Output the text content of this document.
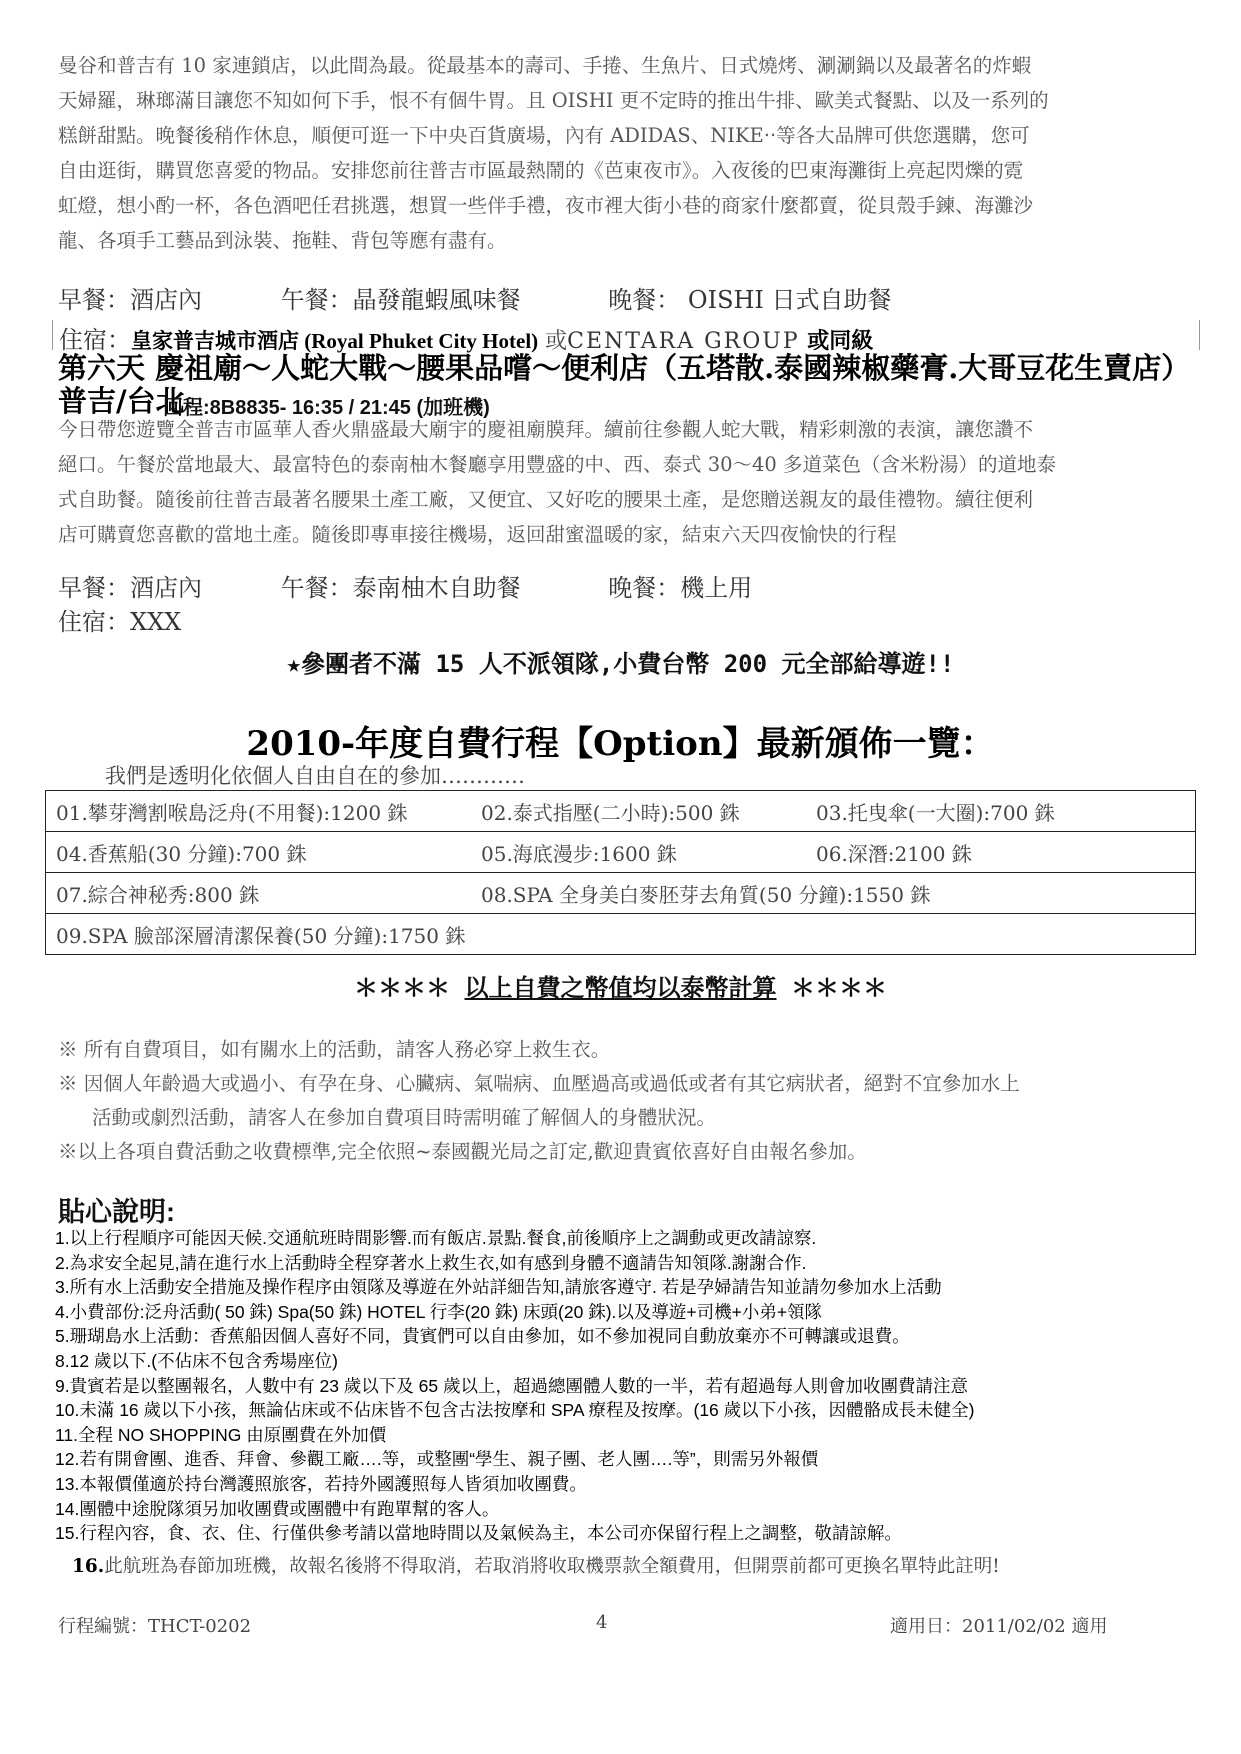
曼谷和普吉有 10 家連鎖店，以此間為最。從最基本的壽司、手捲、生魚片、日式燒烤、涮涮鍋以及最著名的炸蝦

天婦羅，琳瑯滿目讓您不知如何下手，恨不有個牛胃。且 OISHI 更不定時的推出牛排、歐美式餐點、以及一系列的

糕餅甜點。晚餐後稍作休息，順便可逛一下中央百貨廣場，內有 ADIDAS、NIKE‧‧等各大品牌可供您選購，您可

自由逛街，購買您喜愛的物品。安排您前往普吉市區最熱鬧的《芭東夜市》。入夜後的巴東海灘街上亮起閃爍的霓

虹燈，想小酌一杯，各色酒吧任君挑選，想買一些伴手禮，夜市裡大街小巷的商家什麼都賣，從貝殼手鍊、海灘沙

龍、各項手工藝品到泳裝、拖鞋、背包等應有盡有。

早餐：酒店內	午餐：晶發龍蝦風味餐	晚餐： OISHI 日式自助餐
住宿：皇家普吉城市酒店 (Royal Phuket City Hotel) 或CENTARA GROUP 或同級
第六天 慶祖廟～人蛇大戰～腰果品嚐～便利店（五塔散.泰國辣椒藥膏.大哥豆花生賣店）普吉/台北
回程:8B8835- 16:35 / 21:45 (加班機)

今日帶您遊覽全普吉市區華人香火鼎盛最大廟宇的慶祖廟膜拜。續前往參觀人蛇大戰，精彩刺激的表演，讓您讚不

絕口。午餐於當地最大、最富特色的泰南柚木餐廳享用豐盛的中、西、泰式 30～40 多道菜色（含米粉湯）的道地泰

式自助餐。隨後前往普吉最著名腰果土產工廠，又便宜、又好吃的腰果土產，是您贈送親友的最佳禮物。續往便利

店可購賣您喜歡的當地土產。隨後即專車接往機場，返回甜蜜溫暖的家，結束六天四夜愉快的行程

早餐：酒店內	午餐：泰南柚木自助餐	晚餐：機上用
住宿：XXX
★參團者不滿 15 人不派領隊,小費台幣 200 元全部給導遊!!
2010-年度自費行程【Option】最新頒佈一覽：
我們是透明化依個人自由自在的參加…………
01.攀芽灣割喉島泛舟(不用餐):1200 銖	02.泰式指壓(二小時):500 銖	03.托曳傘(一大圈):700 銖
04.香蕉船(30 分鐘):700 銖	05.海底漫步:1600 銖	06.深潛:2100 銖
07.綜合神秘秀:800 銖	08.SPA 全身美白麥胚芽去角質(50 分鐘):1550 銖
09.SPA 臉部深層清潔保養(50 分鐘):1750 銖
＊＊＊＊ 以上自費之幣值均以泰幣計算 ＊＊＊＊

※ 所有自費項目，如有關水上的活動，請客人務必穿上救生衣。

※ 因個人年齡過大或過小、有孕在身、心臟病、氣喘病、血壓過高或過低或者有其它病狀者，絕對不宜參加水上

活動或劇烈活動，請客人在參加自費項目時需明確了解個人的身體狀況。

※以上各項自費活動之收費標準,完全依照~泰國觀光局之訂定,歡迎貴賓依喜好自由報名參加。

貼心說明:

1.以上行程順序可能因天候.交通航班時間影響.而有飯店.景點.餐食,前後順序上之調動或更改請諒察.

2.為求安全起見,請在進行水上活動時全程穿著水上救生衣,如有感到身體不適請告知領隊.謝謝合作.

3.所有水上活動安全措施及操作程序由領隊及導遊在外站詳細告知,請旅客遵守. 若是孕婦請告知並請勿參加水上活動

4.小費部份:泛舟活動( 50 銖) Spa(50 銖) HOTEL 行李(20 銖) 床頭(20 銖).以及導遊+司機+小弟+領隊

5.珊瑚島水上活動：香蕉船因個人喜好不同，貴賓們可以自由參加，如不參加視同自動放棄亦不可轉讓或退費。

8.12 歲以下.(不佔床不包含秀場座位)

9.貴賓若是以整團報名，人數中有 23 歲以下及 65 歲以上，超過總團體人數的一半，若有超過每人則會加收團費請注意

10.未滿 16 歲以下小孩，無論佔床或不佔床皆不包含古法按摩和 SPA 療程及按摩。(16 歲以下小孩，因體骼成長未健全)

11.全程 NO SHOPPING 由原團費在外加價

12.若有開會團、進香、拜會、參觀工廠….等，或整團“學生、親子團、老人團….等”，則需另外報價

13.本報價僅適於持台灣護照旅客，若持外國護照每人皆須加收團費。

14.團體中途脫隊須另加收團費或團體中有跑單幫的客人。

15.行程內容，食、衣、住、行僅供參考請以當地時間以及氣候為主，本公司亦保留行程上之調整，敬請諒解。

16.此航班為春節加班機，故報名後將不得取消，若取消將收取機票款全額費用，但開票前都可更換名單特此註明!
行程編號：THCT-0202	4	適用日：2011/02/02 適用
